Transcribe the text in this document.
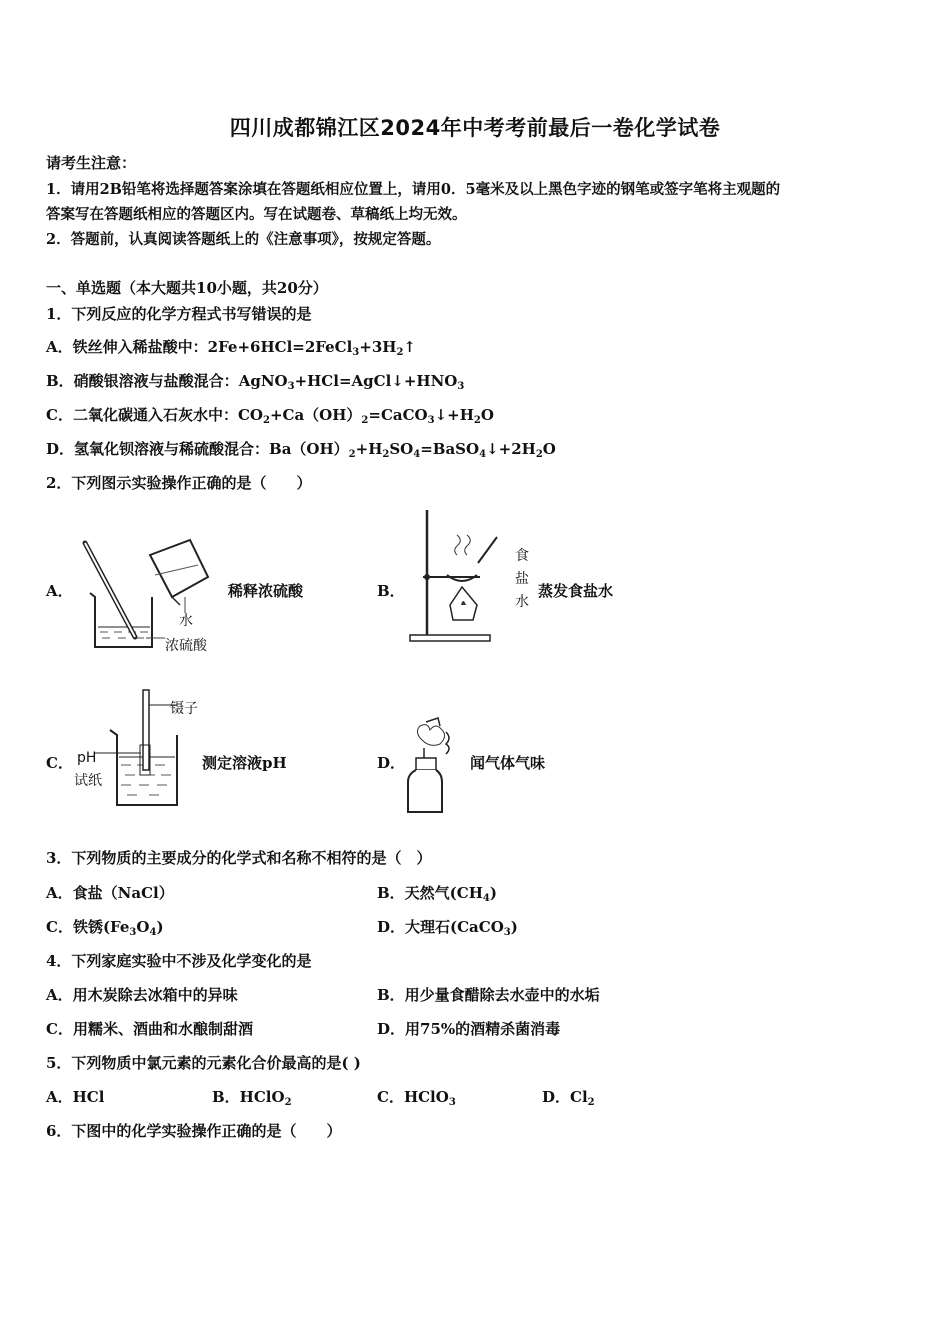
四川成都锦江区2024年中考考前最后一卷化学试卷
请考生注意：
1．请用2B铅笔将选择题答案涂填在答题纸相应位置上，请用0．5毫米及以上黑色字迹的钢笔或签字笔将主观题的
答案写在答题纸相应的答题区内。写在试题卷、草稿纸上均无效。
2．答题前，认真阅读答题纸上的《注意事项》，按规定答题。
一、单选题（本大题共10小题，共20分）
1．下列反应的化学方程式书写错误的是
A．铁丝伸入稀盐酸中：$2Fe+6HCl=2FeCl_3+3H_2↑$
B．硝酸银溶液与盐酸混合：$AgNO_3+HCl=AgCl↓+HNO_3$
C．二氧化碳通入石灰水中：$CO_2+Ca(OH)_2=CaCO_3↓+H_2O$
D．氢氧化钡溶液与稀硫酸混合：$Ba(OH)_2+H_2SO_4=BaSO_4↓+2H_2O$
2．下列图示实验操作正确的是（　　）
A．
水
浓硫酸
稀释浓硫酸	B．
食
盐
水
蒸发食盐水
C．
镊子
pH
试纸
测定溶液pH	D．	闻气体气味
3．下列物质的主要成分的化学式和名称不相符的是（　）
A．食盐（NaCl）	B．天然气$(CH_4)$
C．铁锈$(Fe_3O_4)$	D．大理石(CaCO$_3$)
4．下列家庭实验中不涉及化学变化的是
A．用木炭除去冰箱中的异味	B．用少量食醋除去水壶中的水垢
C．用糯米、酒曲和水酿制甜酒	D．用75%的酒精杀菌消毒
5．下列物质中氯元素的元素化合价最高的是( )
A．HCl	B．HClO$_2$	C．HClO$_3$	D．$Cl_2$
6．下图中的化学实验操作正确的是（　　）
